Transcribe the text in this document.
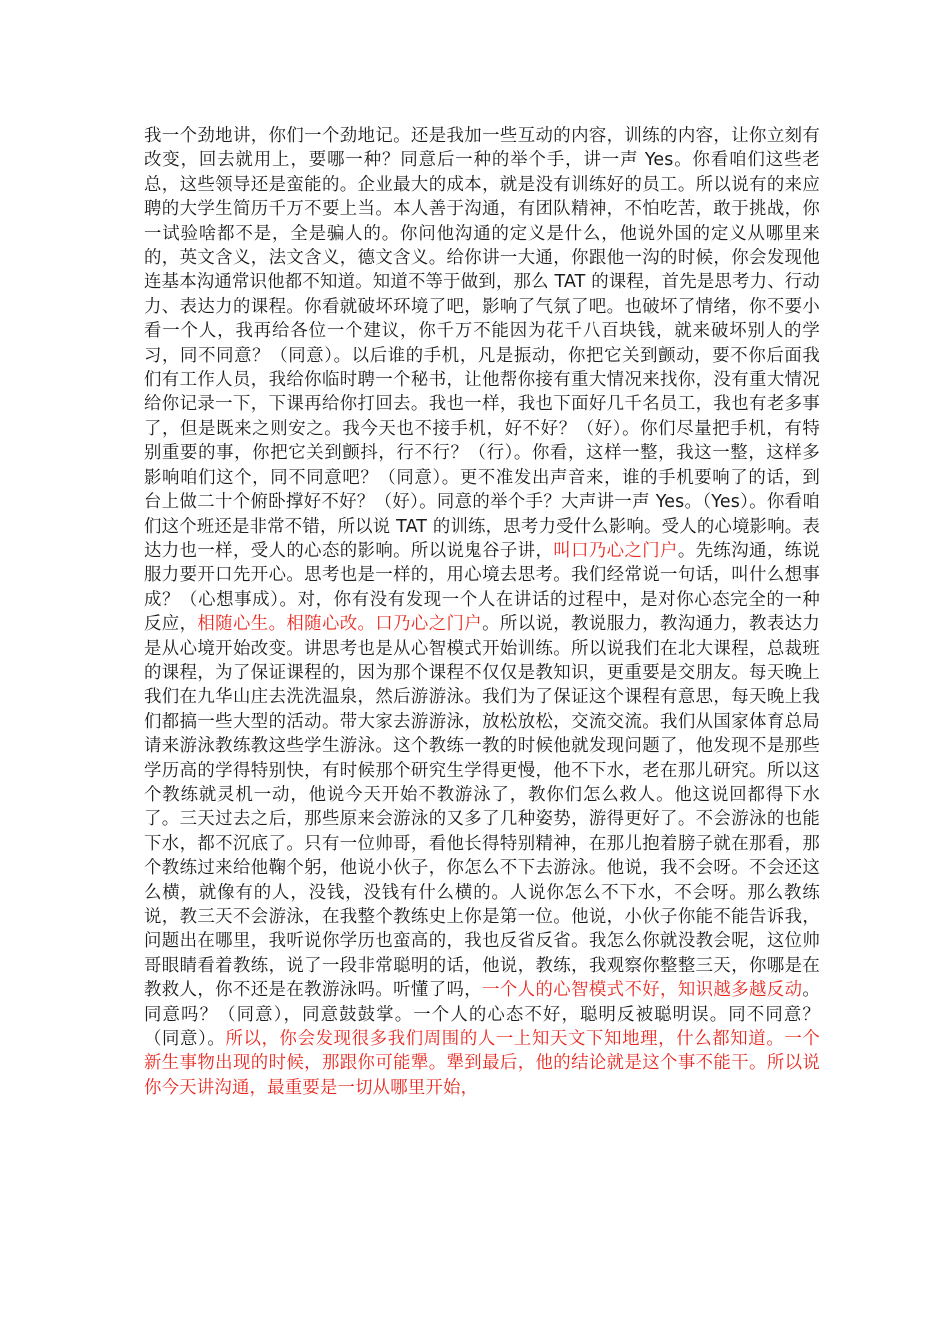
我一个劲地讲，你们一个劲地记。还是我加一些互动的内容，训练的内容，让你立刻有改变，回去就用上，要哪一种？同意后一种的举个手，讲一声 Yes。你看咱们这些老总，这些领导还是蛮能的。企业最大的成本，就是没有训练好的员工。所以说有的来应聘的大学生简历千万不要上当。本人善于沟通，有团队精神，不怕吃苦，敢于挑战，你一试验啥都不是，全是骗人的。你问他沟通的定义是什么，他说外国的定义从哪里来的，英文含义，法文含义，德文含义。给你讲一大通，你跟他一沟的时候，你会发现他连基本沟通常识他都不知道。知道不等于做到，那么 TAT 的课程，首先是思考力、行动力、表达力的课程。你看就破坏环境了吧，影响了气氛了吧。也破坏了情绪，你不要小看一个人，我再给各位一个建议，你千万不能因为花千八百块钱，就来破坏别人的学习，同不同意？（同意）。以后谁的手机，凡是振动，你把它关到颤动，要不你后面我们有工作人员，我给你临时聘一个秘书，让他帮你接有重大情况来找你，没有重大情况给你记录一下，下课再给你打回去。我也一样，我也下面好几千名员工，我也有老多事了，但是既来之则安之。我今天也不接手机，好不好？（好）。你们尽量把手机，有特别重要的事，你把它关到颤抖，行不行？（行）。你看，这样一整，我这一整，这样多影响咱们这个，同不同意吧？（同意）。更不准发出声音来，谁的手机要响了的话，到台上做二十个俯卧撑好不好？（好）。同意的举个手？大声讲一声 Yes。（Yes）。你看咱们这个班还是非常不错，所以说 TAT 的训练，思考力受什么影响。受人的心境影响。表达力也一样，受人的心态的影响。所以说鬼谷子讲，叫口乃心之门户。先练沟通，练说服力要开口先开心。思考也是一样的，用心境去思考。我们经常说一句话，叫什么想事成？（心想事成）。对，你有没有发现一个人在讲话的过程中，是对你心态完全的一种反应，相随心生。相随心改。口乃心之门户。所以说，教说服力，教沟通力，教表达力是从心境开始改变。讲思考也是从心智模式开始训练。所以说我们在北大课程，总裁班的课程，为了保证课程的，因为那个课程不仅仅是教知识，更重要是交朋友。每天晚上我们在九华山庄去洗洗温泉，然后游游泳。我们为了保证这个课程有意思，每天晚上我们都搞一些大型的活动。带大家去游游泳，放松放松，交流交流。我们从国家体育总局请来游泳教练教这些学生游泳。这个教练一教的时候他就发现问题了，他发现不是那些学历高的学得特别快，有时候那个研究生学得更慢，他不下水，老在那儿研究。所以这个教练就灵机一动，他说今天开始不教游泳了，教你们怎么救人。他这说回都得下水了。三天过去之后，那些原来会游泳的又多了几种姿势，游得更好了。不会游泳的也能下水，都不沉底了。只有一位帅哥，看他长得特别精神，在那儿抱着膀子就在那看，那个教练过来给他鞠个躬，他说小伙子，你怎么不下去游泳。他说，我不会呀。不会还这么横，就像有的人，没钱，没钱有什么横的。人说你怎么不下水，不会呀。那么教练说，教三天不会游泳，在我整个教练史上你是第一位。他说，小伙子你能不能告诉我，问题出在哪里，我听说你学历也蛮高的，我也反省反省。我怎么你就没教会呢，这位帅哥眼睛看着教练，说了一段非常聪明的话，他说，教练，我观察你整整三天，你哪是在教救人，你不还是在教游泳吗。听懂了吗，一个人的心智模式不好，知识越多越反动。同意吗？（同意），同意鼓鼓掌。一个人的心态不好，聪明反被聪明误。同不同意？（同意）。所以，你会发现很多我们周围的人一上知天文下知地理，什么都知道。一个新生事物出现的时候，那跟你可能犟。犟到最后，他的结论就是这个事不能干。所以说你今天讲沟通，最重要是一切从哪里开始，
